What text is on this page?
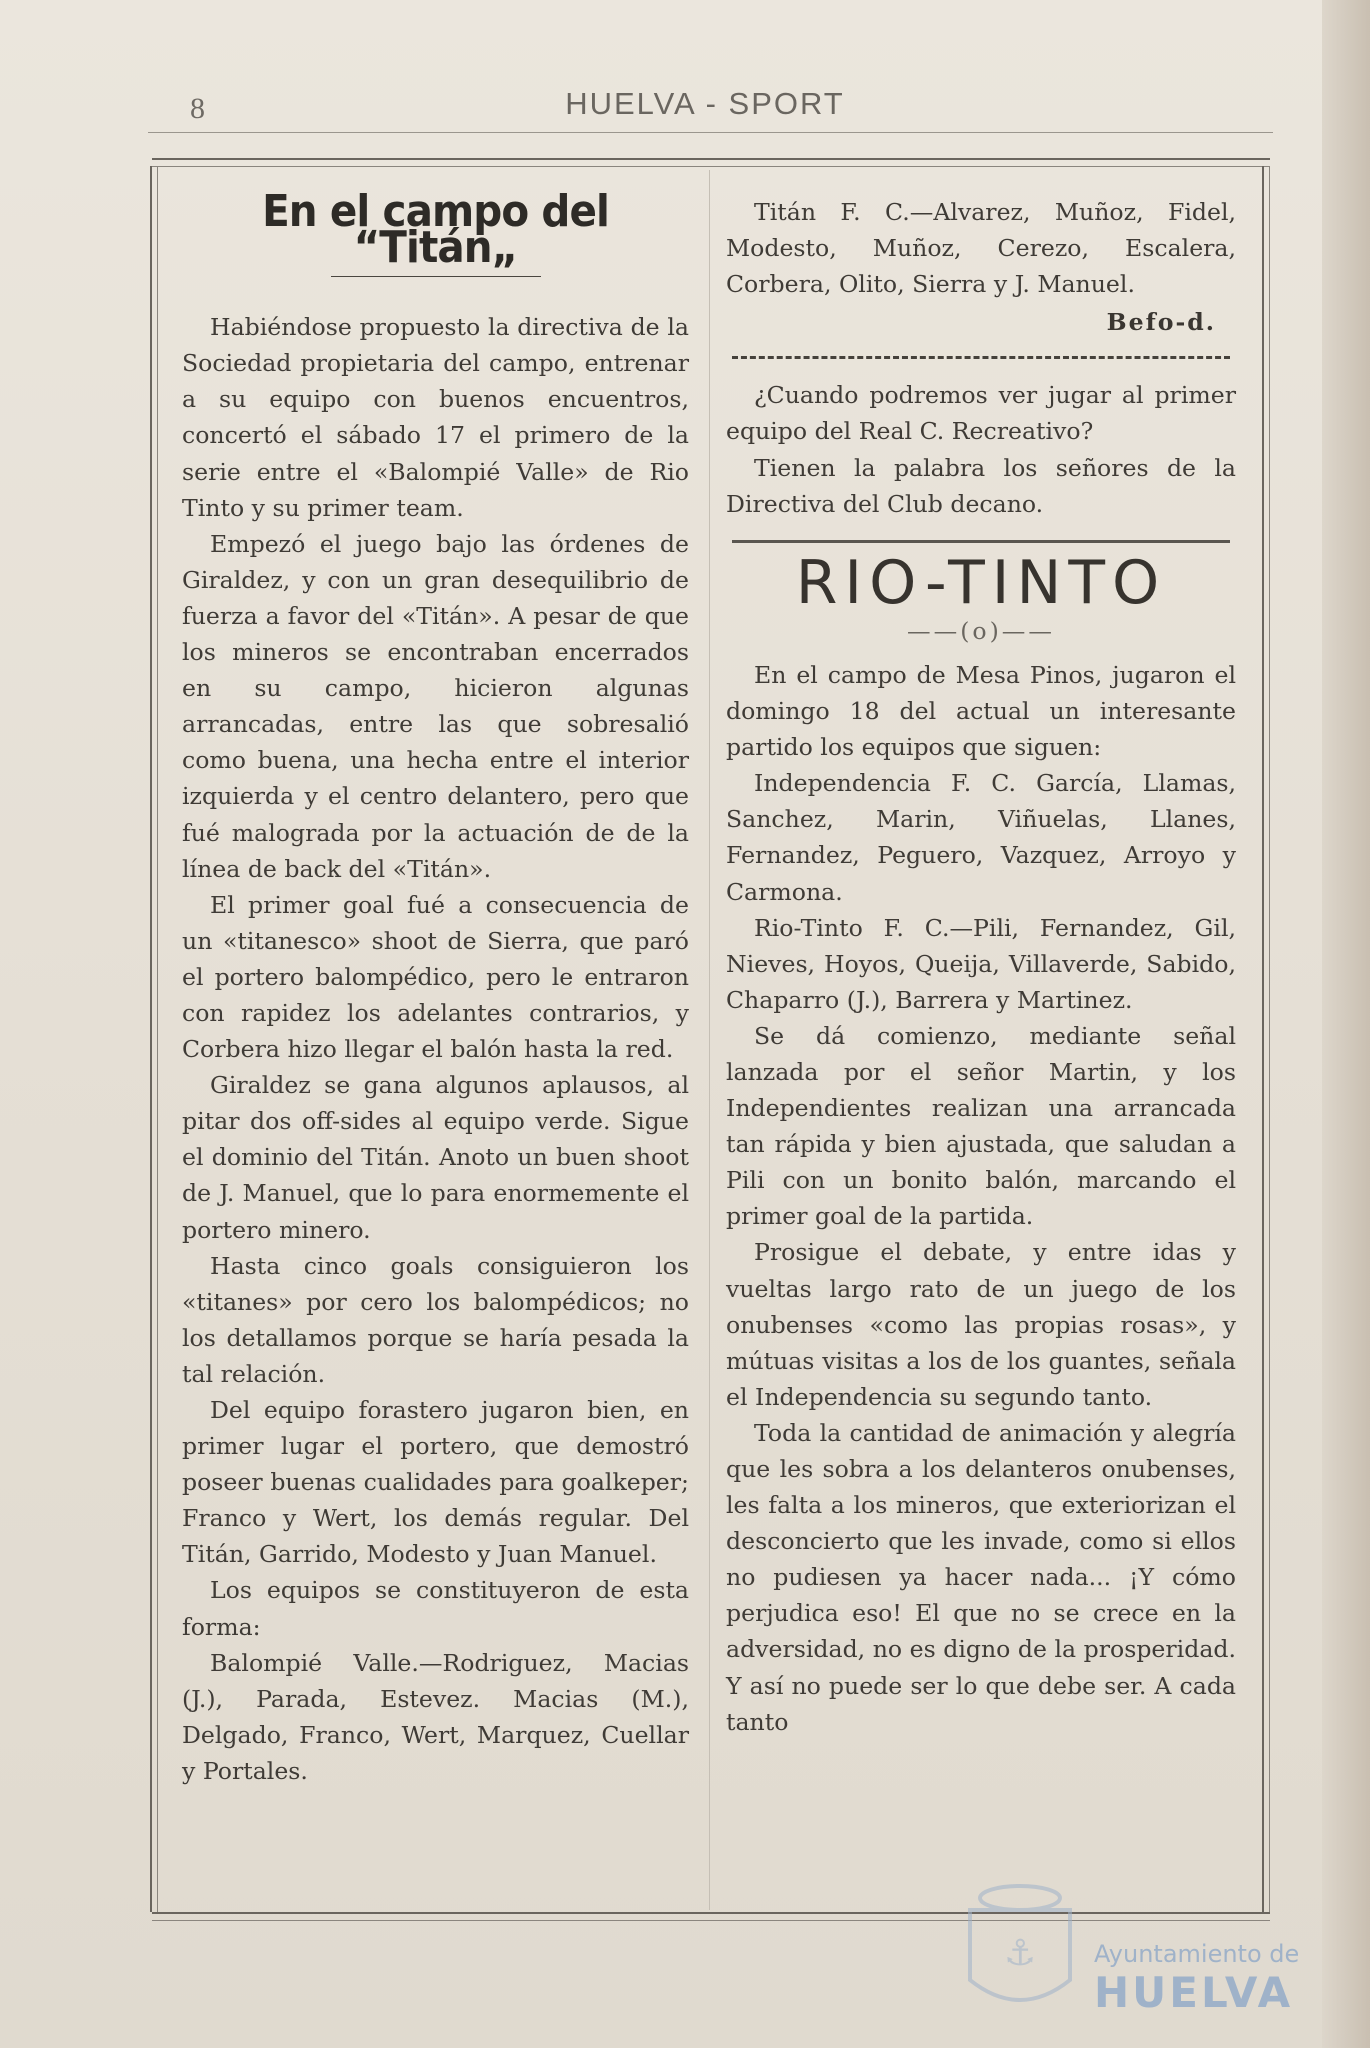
8	HUELVA - SPORT
En el campo del “Titán„

Habiéndose propuesto la directiva de la Sociedad propietaria del campo, entrenar a su equipo con buenos encuentros, concertó el sábado 17 el primero de la serie entre el «Balompié Valle» de Rio Tinto y su primer team.

Empezó el juego bajo las órdenes de Giraldez, y con un gran desequilibrio de fuerza a favor del «Titán». A pesar de que los mineros se encontraban encerrados en su campo, hicieron algunas arrancadas, entre las que sobresalió como buena, una hecha entre el interior izquierda y el centro delantero, pero que fué malograda por la actuación de de la línea de back del «Titán».

El primer goal fué a consecuencia de un «titanesco» shoot de Sierra, que paró el portero balompédico, pero le entraron con rapidez los adelantes contrarios, y Corbera hizo llegar el balón hasta la red.

Giraldez se gana algunos aplausos, al pitar dos off-sides al equipo verde. Sigue el dominio del Titán. Anoto un buen shoot de J. Manuel, que lo para enormemente el portero minero.

Hasta cinco goals consiguieron los «titanes» por cero los balompédicos; no los detallamos porque se haría pesada la tal relación.

Del equipo forastero jugaron bien, en primer lugar el portero, que demostró poseer buenas cualidades para goalkeper; Franco y Wert, los demás regular. Del Titán, Garrido, Modesto y Juan Manuel.

Los equipos se constituyeron de esta forma:

Balompié Valle.—Rodriguez, Macias (J.), Parada, Estevez. Macias (M.), Delgado, Franco, Wert, Marquez, Cuellar y Portales.

Titán F. C.—Alvarez, Muñoz, Fidel, Modesto, Muñoz, Cerezo, Escalera, Corbera, Olito, Sierra y J. Manuel.

Befo-d.

¿Cuando podremos ver jugar al primer equipo del Real C. Recreativo?

Tienen la palabra los señores de la Directiva del Club decano.

RIO-TINTO
——(o)——

En el campo de Mesa Pinos, jugaron el domingo 18 del actual un interesante partido los equipos que siguen:

Independencia F. C. García, Llamas, Sanchez, Marin, Viñuelas, Llanes, Fernandez, Peguero, Vazquez, Arroyo y Carmona.

Rio-Tinto F. C.—Pili, Fernandez, Gil, Nieves, Hoyos, Queija, Villaverde, Sabido, Chaparro (J.), Barrera y Martinez.

Se dá comienzo, mediante señal lanzada por el señor Martin, y los Independientes realizan una arrancada tan rápida y bien ajustada, que saludan a Pili con un bonito balón, marcando el primer goal de la partida.

Prosigue el debate, y entre idas y vueltas largo rato de un juego de los onubenses «como las propias rosas», y mútuas visitas a los de los guantes, señala el Independencia su segundo tanto.

Toda la cantidad de animación y alegría que les sobra a los delanteros onubenses, les falta a los mineros, que exteriorizan el desconcierto que les invade, como si ellos no pudiesen ya hacer nada... ¡Y cómo perjudica eso! El que no se crece en la adversidad, no es digno de la prosperidad. Y así no puede ser lo que debe ser. A cada tanto

⚓ Ayuntamiento de
HUELVA
